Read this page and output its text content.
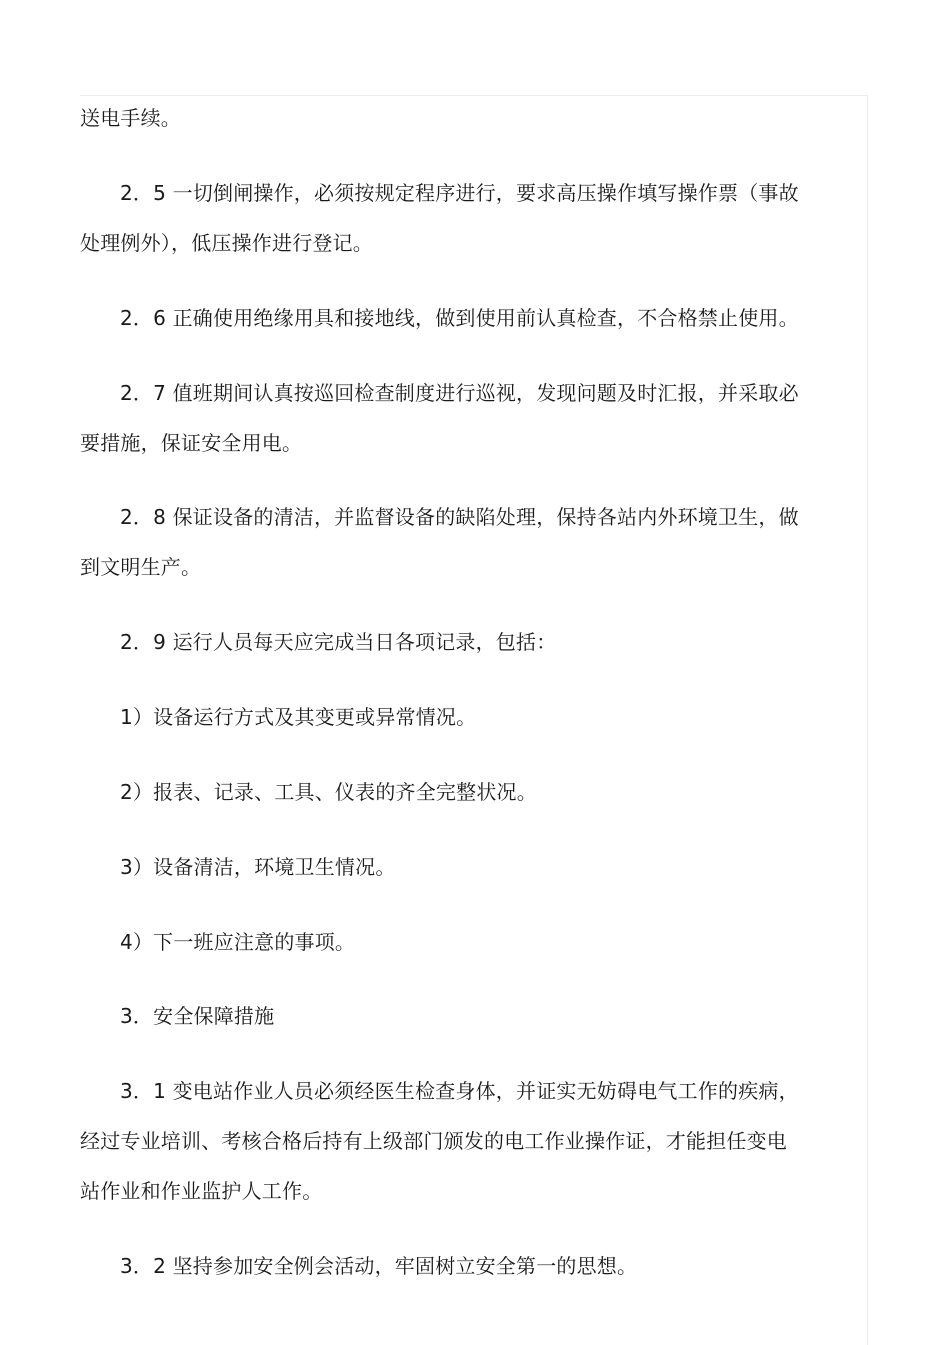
送电手续。
2．5 一切倒闸操作，必须按规定程序进行，要求高压操作填写操作票（事故
处理例外），低压操作进行登记。
2．6 正确使用绝缘用具和接地线，做到使用前认真检查，不合格禁止使用。
2．7 值班期间认真按巡回检查制度进行巡视，发现问题及时汇报，并采取必
要措施，保证安全用电。
2．8 保证设备的清洁，并监督设备的缺陷处理，保持各站内外环境卫生，做
到文明生产。
2．9 运行人员每天应完成当日各项记录，包括：
1）设备运行方式及其变更或异常情况。
2）报表、记录、工具、仪表的齐全完整状况。
3）设备清洁，环境卫生情况。
4）下一班应注意的事项。
3．安全保障措施
3．1 变电站作业人员必须经医生检查身体，并证实无妨碍电气工作的疾病，
经过专业培训、考核合格后持有上级部门颁发的电工作业操作证，才能担任变电
站作业和作业监护人工作。
3．2 坚持参加安全例会活动，牢固树立安全第一的思想。
